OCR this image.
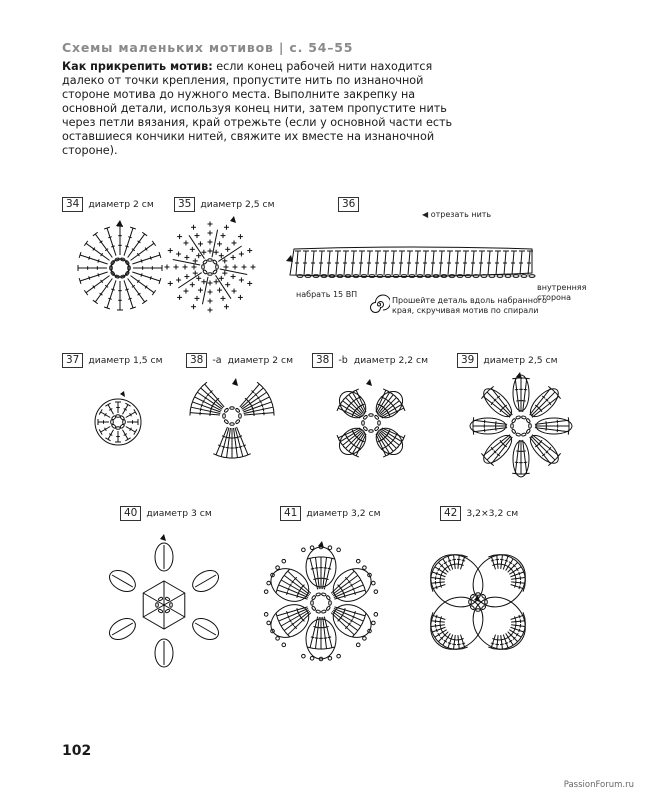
Схемы маленьких мотивов | с. 54–55
Как прикрепить мотив: если конец рабочей нити находится далеко от точки крепления, пропустите нить по изнаночной стороне мотива до нужного места. Выполните закрепку на основной детали, используя конец нити, затем пропустите нить через петли вязания, край отрежьте (если у основной части есть оставшиеся кончики нитей, свяжите их вместе на изнаночной стороне).
34 диаметр 2 см	35 диаметр 2,5 см	36
◀ отрезать нить
набрать 15 ВП
внутренняя сторона
Прошейте деталь вдоль набранного
края, скручивая мотив по спирали
37 диаметр 1,5 см	38 -a диаметр 2 см	38 -b диаметр 2,2 см	39 диаметр 2,5 см
40 диаметр 3 см	41 диаметр 3,2 см	42 3,2×3,2 см
102
PassionForum.ru
